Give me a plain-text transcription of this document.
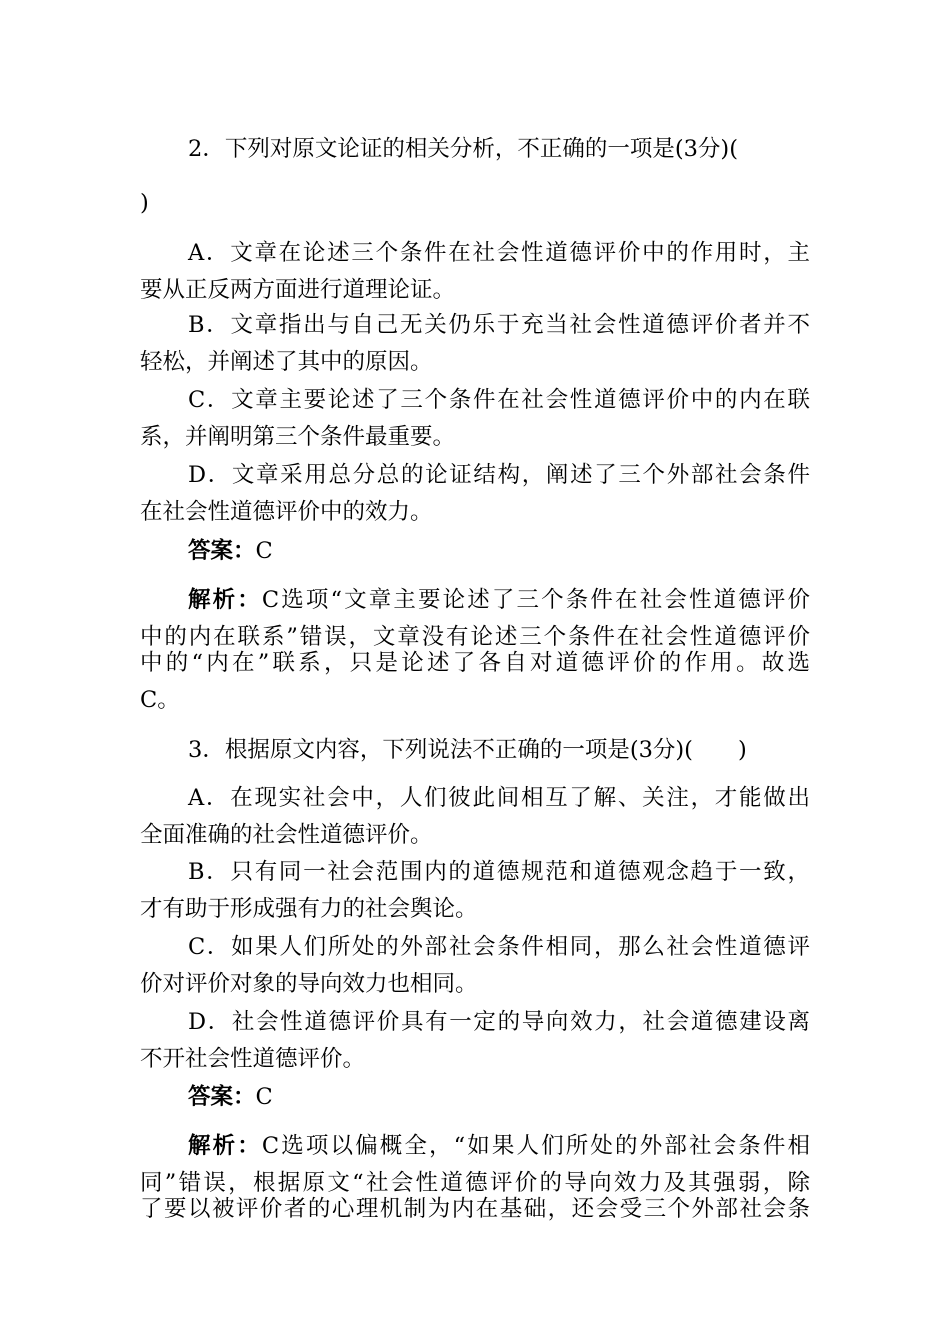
2．下列对原文论证的相关分析，不正确的一项是(3分)(
)
A．文章在论述三个条件在社会性道德评价中的作用时，主
要从正反两方面进行道理论证。
B．文章指出与自己无关仍乐于充当社会性道德评价者并不
轻松，并阐述了其中的原因。
C．文章主要论述了三个条件在社会性道德评价中的内在联
系，并阐明第三个条件最重要。
D．文章采用总分总的论证结构，阐述了三个外部社会条件
在社会性道德评价中的效力。
答案：C
解析：C选项“文章主要论述了三个条件在社会性道德评价
中的内在联系”错误，文章没有论述三个条件在社会性道德评价
中的“内在”联系，只是论述了各自对道德评价的作用。故选
C。
3．根据原文内容，下列说法不正确的一项是(3分)(　　)
A．在现实社会中，人们彼此间相互了解、关注，才能做出
全面准确的社会性道德评价。
B．只有同一社会范围内的道德规范和道德观念趋于一致，
才有助于形成强有力的社会舆论。
C．如果人们所处的外部社会条件相同，那么社会性道德评
价对评价对象的导向效力也相同。
D．社会性道德评价具有一定的导向效力，社会道德建设离
不开社会性道德评价。
答案：C
解析：C选项以偏概全，“如果人们所处的外部社会条件相
同”错误，根据原文“社会性道德评价的导向效力及其强弱，除
了要以被评价者的心理机制为内在基础，还会受三个外部社会条
